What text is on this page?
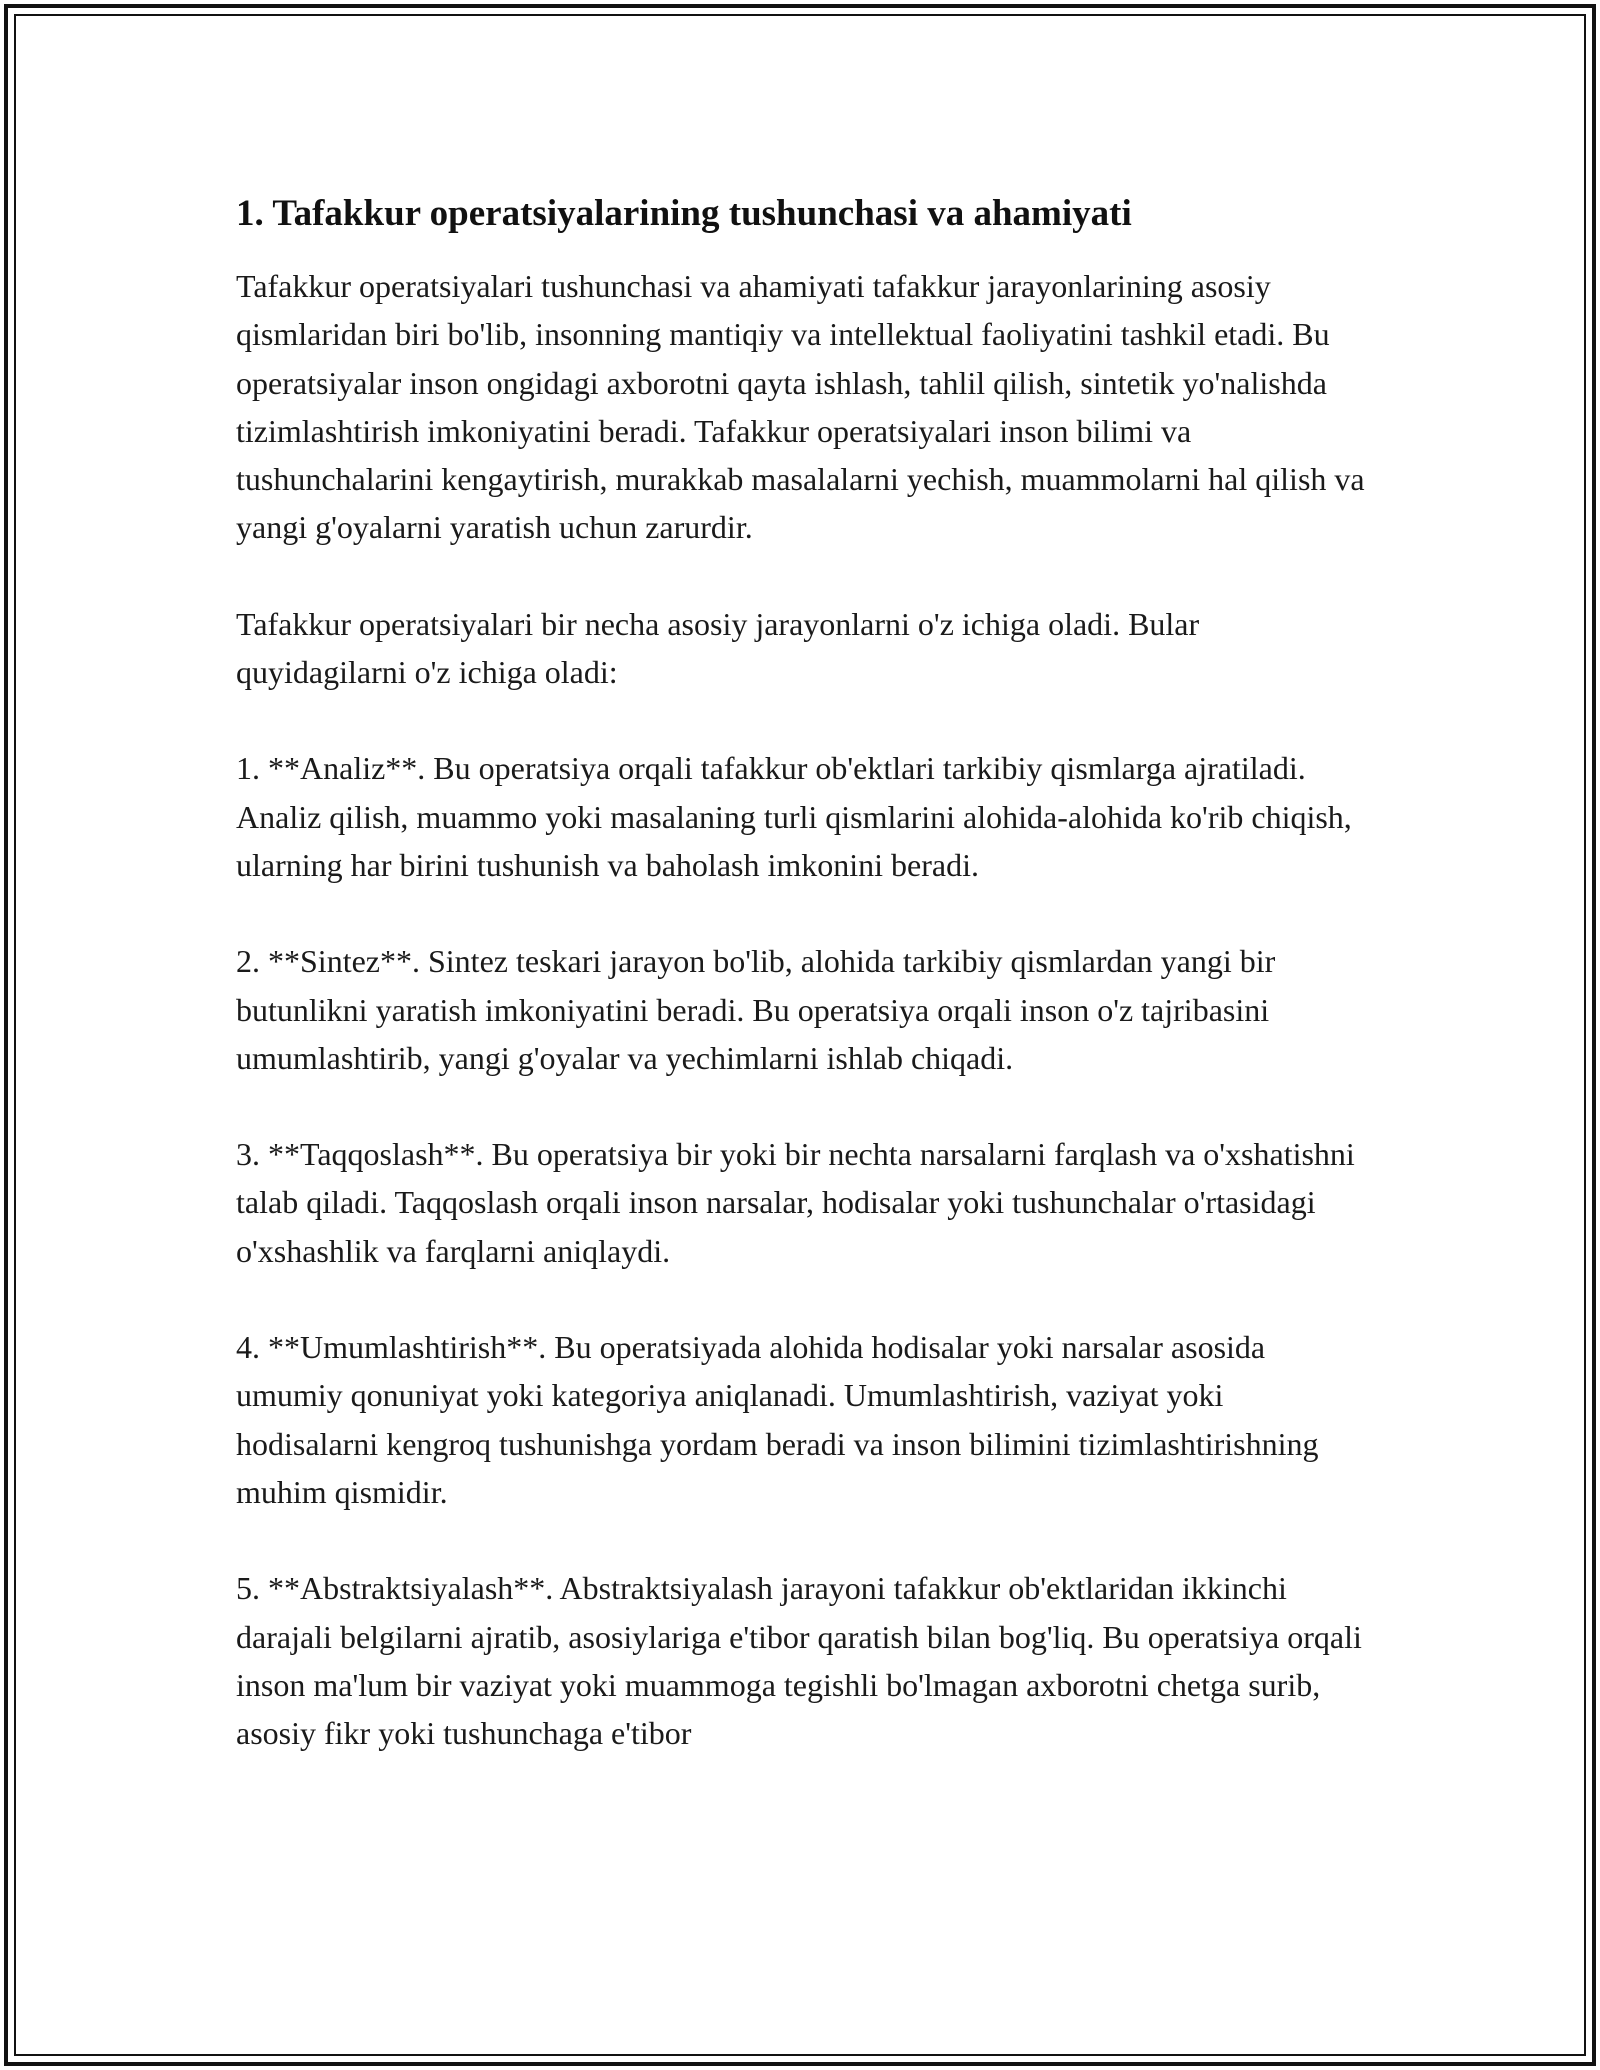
1. Tafakkur operatsiyalarining tushunchasi va ahamiyati

Tafakkur operatsiyalari tushunchasi va ahamiyati tafakkur jarayonlarining asosiy qismlaridan biri bo'lib, insonning mantiqiy va intellektual faoliyatini tashkil etadi. Bu operatsiyalar inson ongidagi axborotni qayta ishlash, tahlil qilish, sintetik yo'nalishda tizimlashtirish imkoniyatini beradi. Tafakkur operatsiyalari inson bilimi va tushunchalarini kengaytirish, murakkab masalalarni yechish, muammolarni hal qilish va yangi g'oyalarni yaratish uchun zarurdir.

Tafakkur operatsiyalari bir necha asosiy jarayonlarni o'z ichiga oladi. Bular quyidagilarni o'z ichiga oladi:

1. **Analiz**. Bu operatsiya orqali tafakkur ob'ektlari tarkibiy qismlarga ajratiladi. Analiz qilish, muammo yoki masalaning turli qismlarini alohida-alohida ko'rib chiqish, ularning har birini tushunish va baholash imkonini beradi.

2. **Sintez**. Sintez teskari jarayon bo'lib, alohida tarkibiy qismlardan yangi bir butunlikni yaratish imkoniyatini beradi. Bu operatsiya orqali inson o'z tajribasini umumlashtirib, yangi g'oyalar va yechimlarni ishlab chiqadi.

3. **Taqqoslash**. Bu operatsiya bir yoki bir nechta narsalarni farqlash va o'xshatishni talab qiladi. Taqqoslash orqali inson narsalar, hodisalar yoki tushunchalar o'rtasidagi o'xshashlik va farqlarni aniqlaydi.

4. **Umumlashtirish**. Bu operatsiyada alohida hodisalar yoki narsalar asosida umumiy qonuniyat yoki kategoriya aniqlanadi. Umumlashtirish, vaziyat yoki hodisalarni kengroq tushunishga yordam beradi va inson bilimini tizimlashtirishning muhim qismidir.

5. **Abstraktsiyalash**. Abstraktsiyalash jarayoni tafakkur ob'ektlaridan ikkinchi darajali belgilarni ajratib, asosiylariga e'tibor qaratish bilan bog'liq. Bu operatsiya orqali inson ma'lum bir vaziyat yoki muammoga tegishli bo'lmagan axborotni chetga surib, asosiy fikr yoki tushunchaga e'tibor
